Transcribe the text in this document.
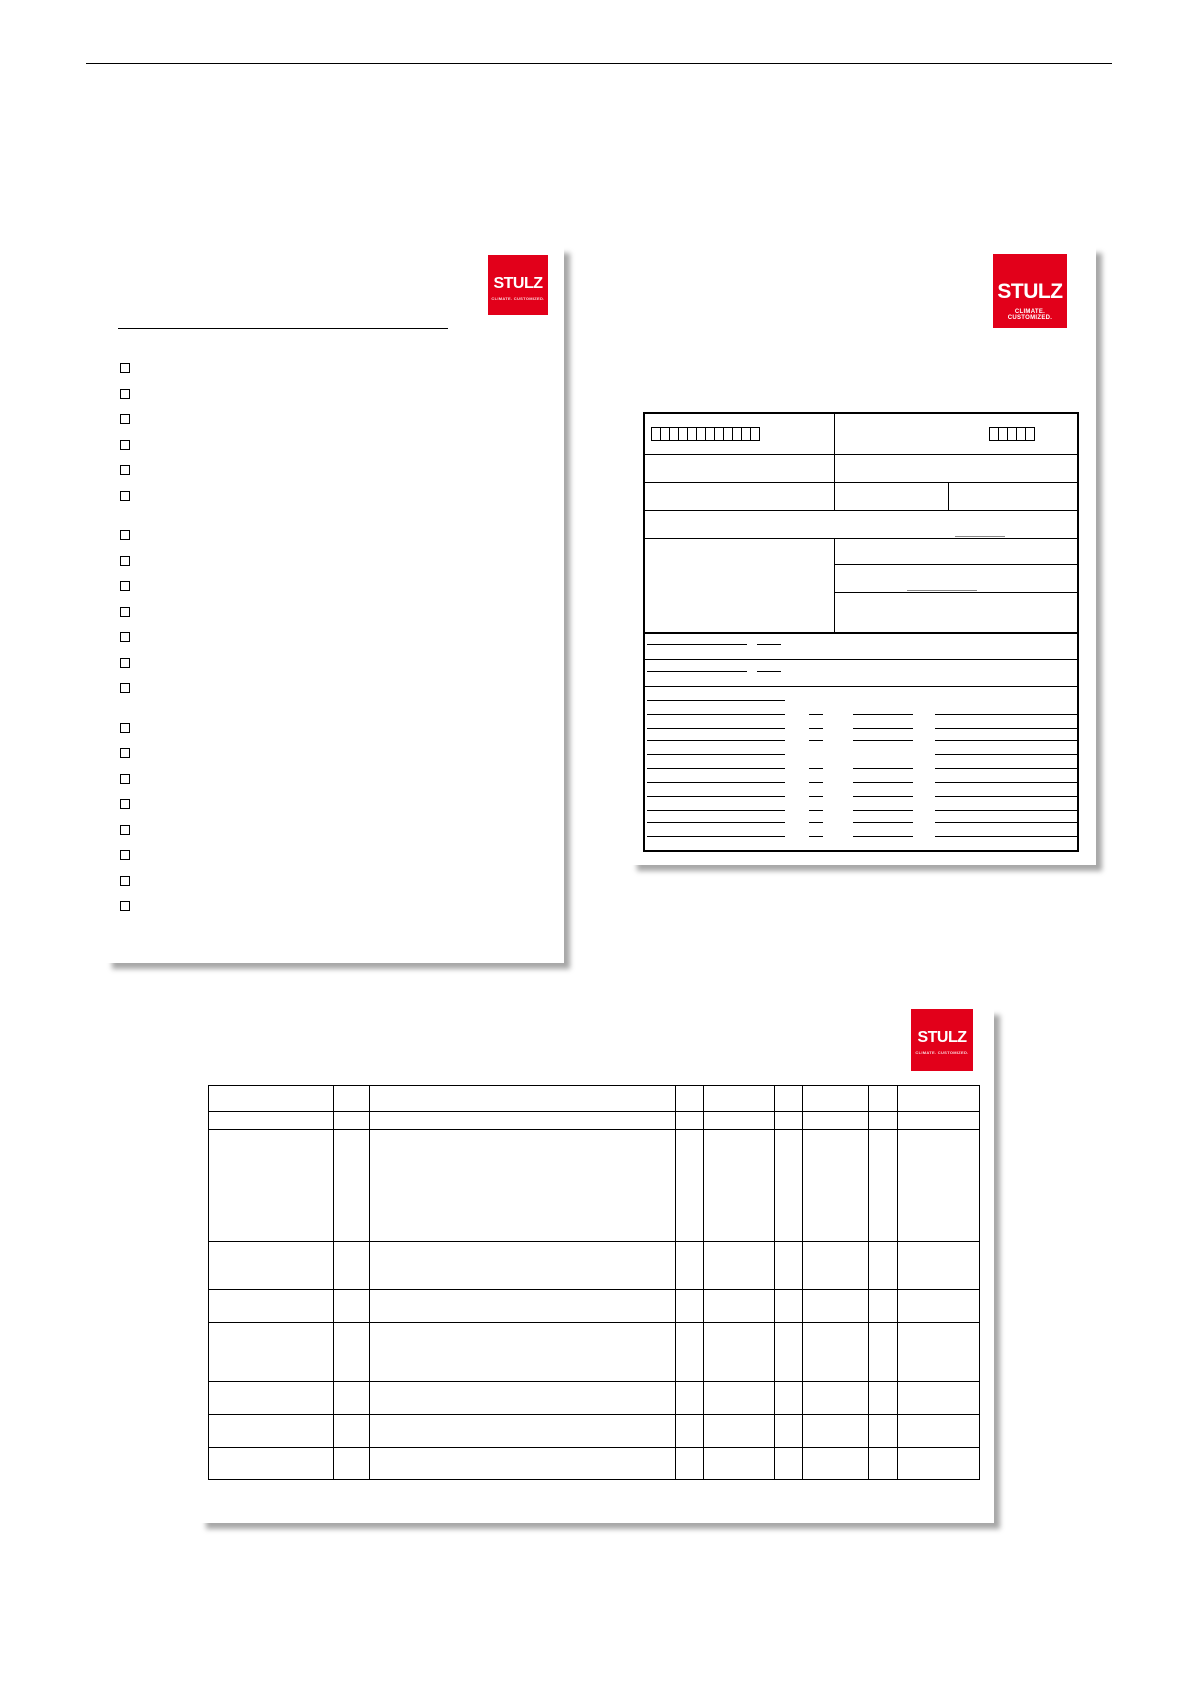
STULZ
CLIMATE. CUSTOMIZED.	STULZ
CLIMATE. CUSTOMIZED.
STULZ
CLIMATE. CUSTOMIZED.
